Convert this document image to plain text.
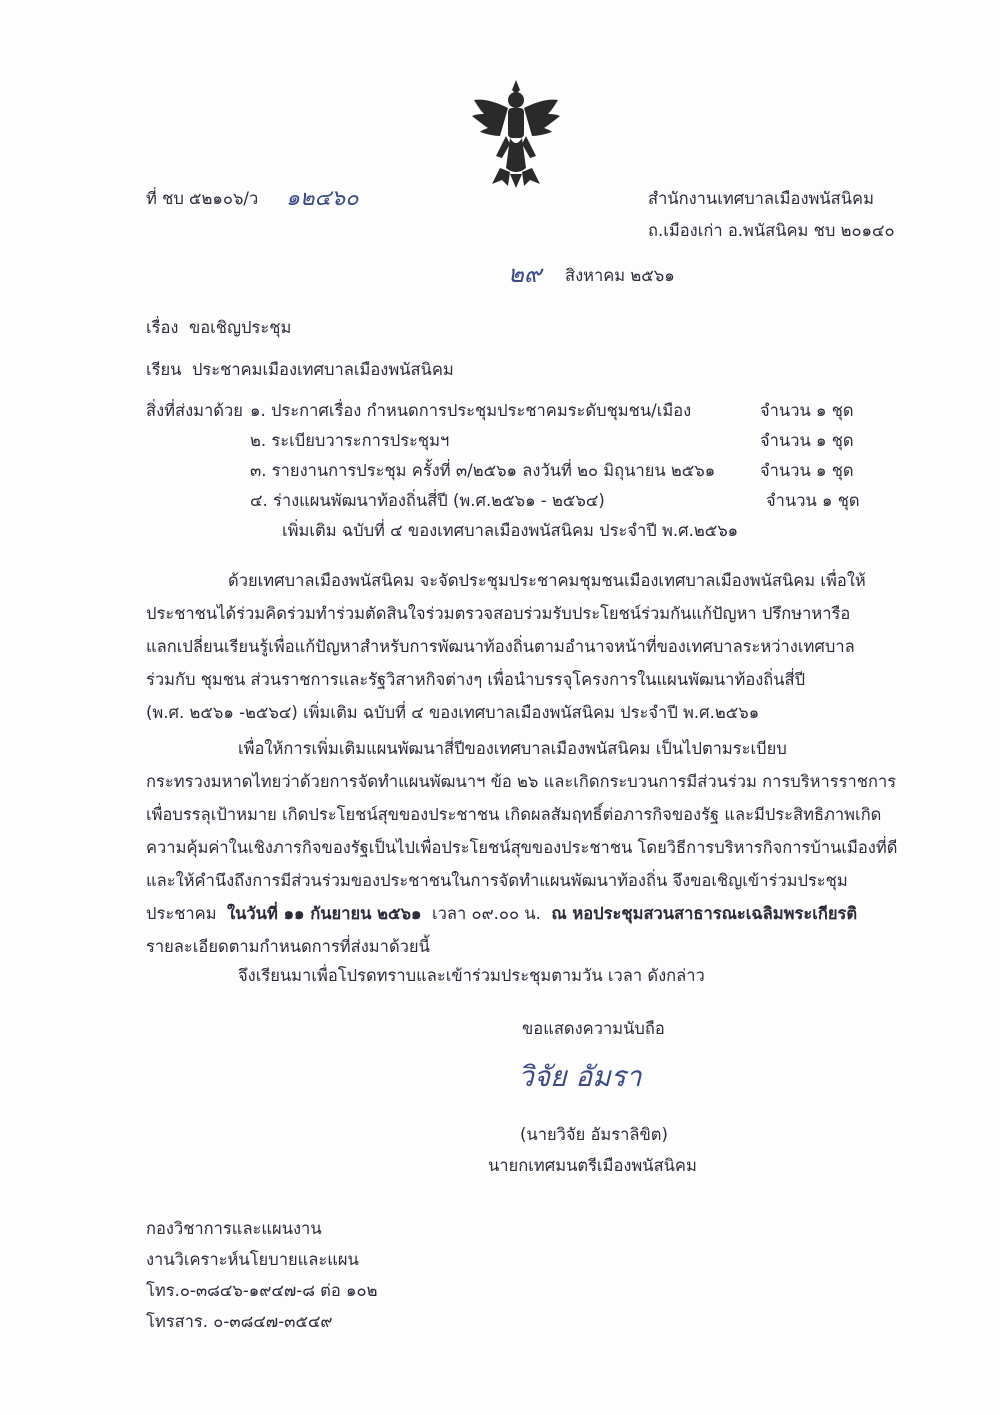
ที่ ชบ ๕๒๑๐๖/ว ๑๒๔๖๐	สำนักงานเทศบาลเมืองพนัสนิคม
ถ.เมืองเก่า อ.พนัสนิคม ชบ ๒๐๑๔๐
๒๙ สิงหาคม ๒๕๖๑
เรื่อง ขอเชิญประชุม
เรียน ประชาคมเมืองเทศบาลเมืองพนัสนิคม
สิ่งที่ส่งมาด้วย ๑. ประกาศเรื่อง กำหนดการประชุมประชาคมระดับชุมชน/เมือง	จำนวน ๑ ชุด
๒. ระเบียบวาระการประชุมฯ	จำนวน ๑ ชุด
๓. รายงานการประชุม ครั้งที่ ๓/๒๕๖๑ ลงวันที่ ๒๐ มิถุนายน ๒๕๖๑	จำนวน ๑ ชุด
๔. ร่างแผนพัฒนาท้องถิ่นสี่ปี (พ.ศ.๒๕๖๑ - ๒๕๖๔)	จำนวน ๑ ชุด
เพิ่มเติม ฉบับที่ ๔ ของเทศบาลเมืองพนัสนิคม ประจำปี พ.ศ.๒๕๖๑
ด้วยเทศบาลเมืองพนัสนิคม จะจัดประชุมประชาคมชุมชนเมืองเทศบาลเมืองพนัสนิคม เพื่อให้
ประชาชนได้ร่วมคิดร่วมทำร่วมตัดสินใจร่วมตรวจสอบร่วมรับประโยชน์ร่วมกันแก้ปัญหา ปรึกษาหารือ
แลกเปลี่ยนเรียนรู้เพื่อแก้ปัญหาสำหรับการพัฒนาท้องถิ่นตามอำนาจหน้าที่ของเทศบาลระหว่างเทศบาล
ร่วมกับ ชุมชน ส่วนราชการและรัฐวิสาหกิจต่างๆ เพื่อนำบรรจุโครงการในแผนพัฒนาท้องถิ่นสี่ปี
(พ.ศ. ๒๕๖๑ -๒๕๖๔) เพิ่มเติม ฉบับที่ ๔ ของเทศบาลเมืองพนัสนิคม ประจำปี พ.ศ.๒๕๖๑
เพื่อให้การเพิ่มเติมแผนพัฒนาสี่ปีของเทศบาลเมืองพนัสนิคม เป็นไปตามระเบียบ
กระทรวงมหาดไทยว่าด้วยการจัดทำแผนพัฒนาฯ ข้อ ๒๖ และเกิดกระบวนการมีส่วนร่วม การบริหารราชการ
เพื่อบรรลุเป้าหมาย เกิดประโยชน์สุขของประชาชน เกิดผลสัมฤทธิ์ต่อภารกิจของรัฐ และมีประสิทธิภาพเกิด
ความคุ้มค่าในเชิงภารกิจของรัฐเป็นไปเพื่อประโยชน์สุขของประชาชน โดยวิธีการบริหารกิจการบ้านเมืองที่ดี
และให้คำนึงถึงการมีส่วนร่วมของประชาชนในการจัดทำแผนพัฒนาท้องถิ่น จึงขอเชิญเข้าร่วมประชุม
ประชาคม ในวันที่ ๑๑ กันยายน ๒๕๖๑ เวลา ๐๙.๐๐ น. ณ หอประชุมสวนสาธารณะเฉลิมพระเกียรติ
รายละเอียดตามกำหนดการที่ส่งมาด้วยนี้
จึงเรียนมาเพื่อโปรดทราบและเข้าร่วมประชุมตามวัน เวลา ดังกล่าว
ขอแสดงความนับถือ
วิจัย อัมรา
(นายวิจัย อัมราลิขิต)
นายกเทศมนตรีเมืองพนัสนิคม
กองวิชาการและแผนงาน
งานวิเคราะห์นโยบายและแผน
โทร.๐-๓๘๔๖-๑๙๔๗-๘ ต่อ ๑๐๒
โทรสาร. ๐-๓๘๔๗-๓๕๔๙
